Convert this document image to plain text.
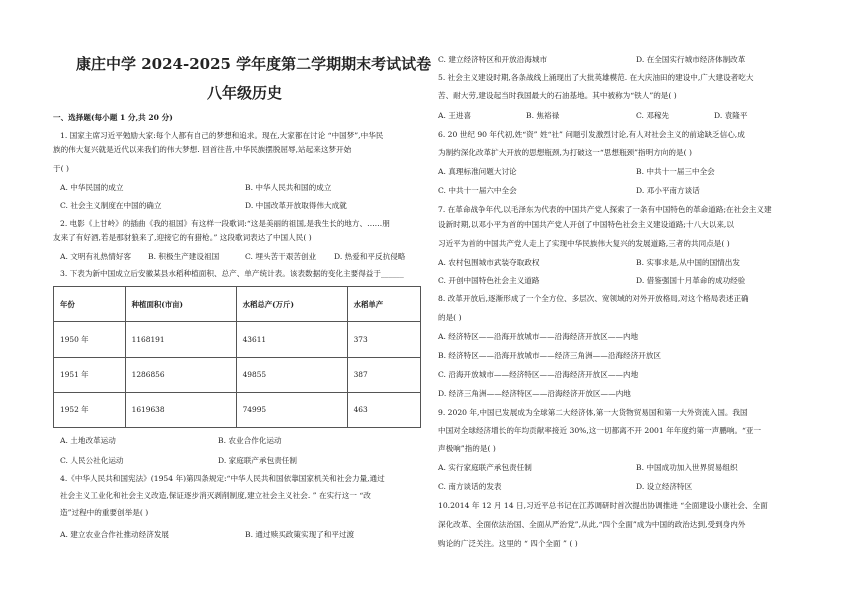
康庄中学 2024-2025 学年度第二学期期末考试试卷
八年级历史
一、选择题(每小题 1 分,共 20 分)
1. 国家主席习近平勉励大家:每个人都有自己的梦想和追求。现在,大家都在讨论 “中国梦”,中华民
族的伟大复兴就是近代以来我们的伟大梦想. 回首往昔,中华民族摆脱屈辱,站起来这梦开始
于( )
A. 中华民国的成立	B. 中华人民共和国的成立
C. 社会主义制度在中国的确立	D. 中国改革开放取得伟大成就
2. 电影《上甘岭》的插曲《我的祖国》有这样一段歌词:“这是美丽的祖国,是我生长的地方、……朋
友来了有好酒,若是那豺狼来了,迎接它的有猎枪。” 这段歌词表达了中国人民( )
A. 文明有礼热情好客 B. 积极生产建设祖国	C. 埋头苦干艰苦创业 D. 热爱和平反抗侵略
3. 下表为新中国成立后安徽某县水稻种植面积、总产、单产统计表。该表数据的变化主要得益于______
年份	种植面积(市亩)	水稻总产(万斤)	水稻单产
1950 年	1168191	43611	373
1951 年	1286856	49855	387
1952 年	1619638	74995	463
A. 土地改革运动	B. 农业合作化运动
C. 人民公社化运动	D. 家庭联产承包责任制
4.《中华人民共和国宪法》(1954 年)第四条规定:“中华人民共和国依靠国家机关和社会力量,通过
社会主义工业化和社会主义改造,保证逐步消灭剥削制度,建立社会主义社会. ” 在实行这一 “改
造”过程中的重要创举是( )
A. 建立农业合作社推动经济发展	B. 通过赎买政策实现了和平过渡
C. 建立经济特区和开放沿海城市	D. 在全国实行城市经济体制改革
5. 社会主义建设时期,各条战线上涌现出了大批英雄模范. 在大庆油田的建设中,广大建设者吃大
苦、耐大劳,建设起当时我国最大的石油基地。其中被称为“铁人”的是( )
A. 王进喜	B. 焦裕禄	C. 邓稼先	D. 袁隆平
6. 20 世纪 90 年代初,姓“资” 姓“社” 问题引发激烈讨论,有人对社会主义的前途缺乏信心,成
为制约深化改革扩大开放的思想瓶颈,为打破这一“思想瓶颈”指明方向的是( )
A. 真理标准问题大讨论	B. 中共十一届三中全会
C. 中共十一届六中全会	D. 邓小平南方谈话
7. 在革命战争年代,以毛泽东为代表的中国共产党人探索了一条有中国特色的革命道路;在社会主义建
设新时期,以邓小平为首的中国共产党人开创了中国特色社会主义建设道路;十八大以来,以
习近平为首的中国共产党人走上了实现中华民族伟大复兴的发展道路,三者的共同点是( )
A. 农村包围城市武装夺取政权	B. 实事求是,从中国的国情出发
C. 开创中国特色社会主义道路	D. 借鉴强国十月革命的成功经验
8. 改革开放后,逐渐形成了一个全方位、多层次、宽领域的对外开放格局,对这个格局表述正确
的是( )
A. 经济特区——沿海开放城市——沿海经济开放区——内地
B. 经济特区——沿海开放城市——经济三角洲——沿海经济开放区
C. 沿海开放城市——经济特区——沿海经济开放区——内地
D. 经济三角洲——经济特区——沿海经济开放区——内地
9. 2020 年,中国已发展成为全球第二大经济体,第一大货物贸易国和第一大外资流入国。我国
中国对全球经济增长的年均贡献率接近 30%,这一切都离不开 2001 年年度约第一声鹏响。“亚一
声极响”指的是( )
A. 实行家庭联产承包责任制	B. 中国成功加入世界贸易组织
C. 南方谈话的发表	D. 设立经济特区
10.2014 年 12 月 14 日,习近平总书记在江苏调研时首次提出协调推进 “全面建设小康社会、全面
深化改革、全面依法治国、全面从严治党”,从此,“四个全面”成为中国的政治达到,受到身内外
购论的广泛关注。这里的 “ 四个全面 ” ( )
